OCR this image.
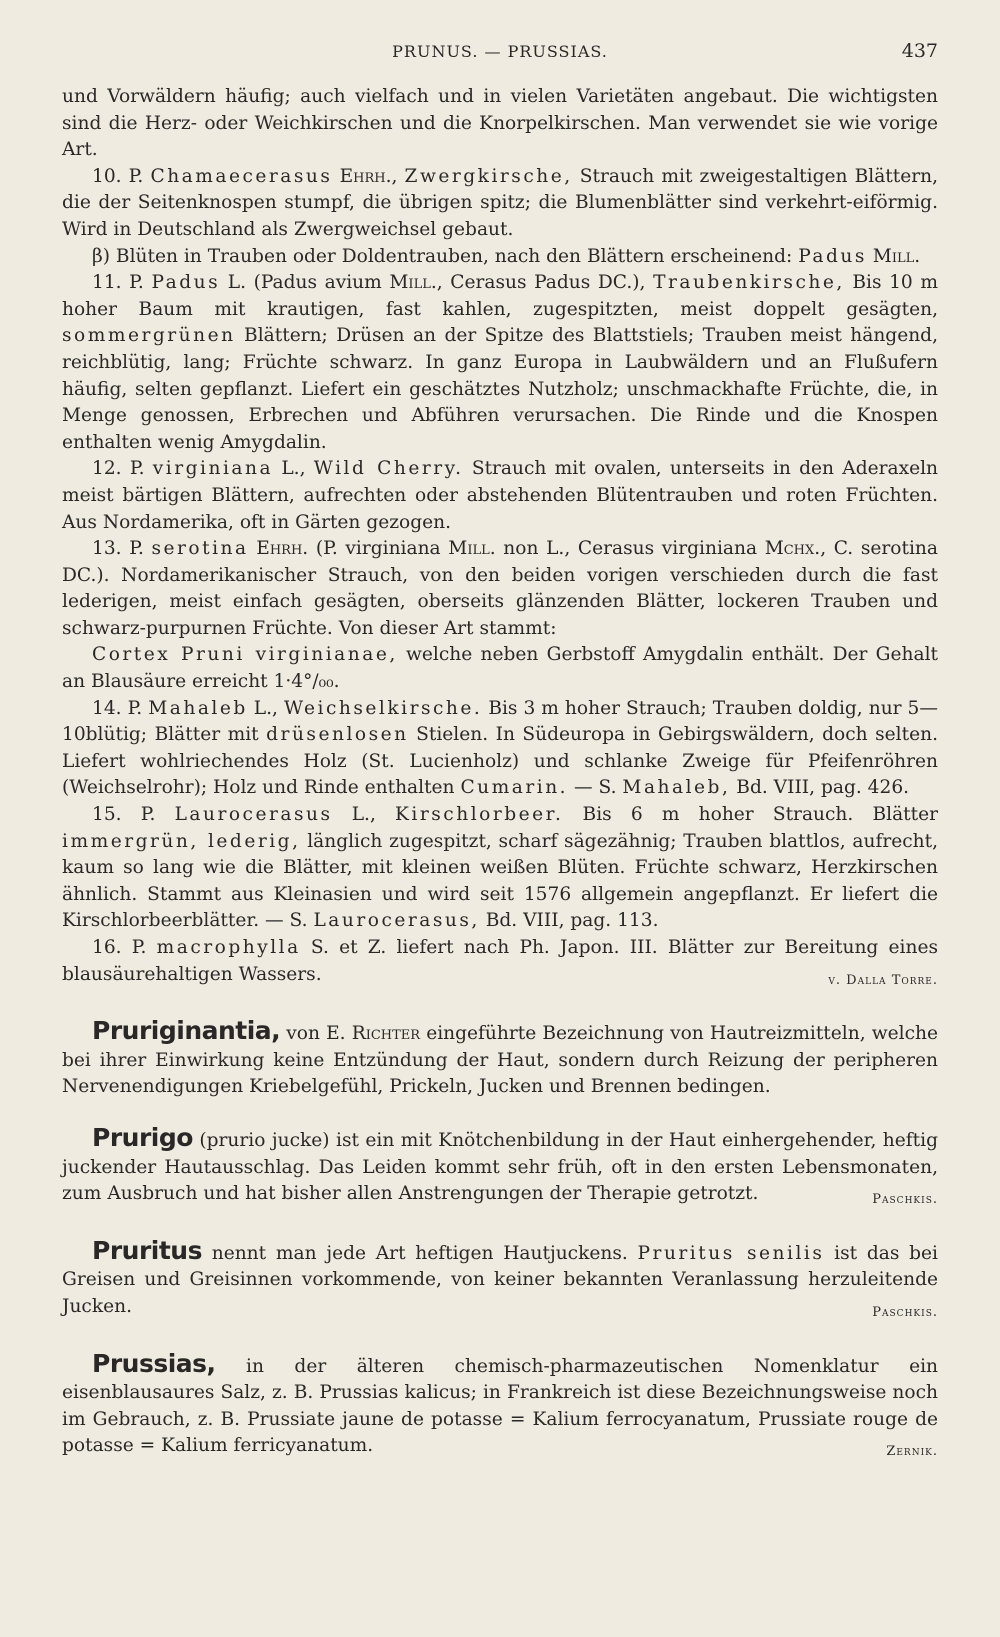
PRUNUS. — PRUSSIAS.	437

und Vorwäldern häufig; auch vielfach und in vielen Varietäten angebaut. Die wichtigsten sind die Herz- oder Weichkirschen und die Knorpelkirschen. Man verwendet sie wie vorige Art.

10. P. Chamaecerasus Ehrh., Zwergkirsche, Strauch mit zweigestaltigen Blättern, die der Seitenknospen stumpf, die übrigen spitz; die Blumenblätter sind verkehrt-eiförmig. Wird in Deutschland als Zwergweichsel gebaut.

β) Blüten in Trauben oder Doldentrauben, nach den Blättern erscheinend: Padus Mill.

11. P. Padus L. (Padus avium Mill., Cerasus Padus DC.), Traubenkirsche, Bis 10 m hoher Baum mit krautigen, fast kahlen, zugespitzten, meist doppelt gesägten, sommergrünen Blättern; Drüsen an der Spitze des Blattstiels; Trauben meist hängend, reichblütig, lang; Früchte schwarz. In ganz Europa in Laubwäldern und an Flußufern häufig, selten gepflanzt. Liefert ein geschätztes Nutzholz; unschmackhafte Früchte, die, in Menge genossen, Erbrechen und Abführen verursachen. Die Rinde und die Knospen enthalten wenig Amygdalin.

12. P. virginiana L., Wild Cherry. Strauch mit ovalen, unterseits in den Aderaxeln meist bärtigen Blättern, aufrechten oder abstehenden Blütentrauben und roten Früchten. Aus Nordamerika, oft in Gärten gezogen.

13. P. serotina Ehrh. (P. virginiana Mill. non L., Cerasus virginiana Mchx., C. serotina DC.). Nordamerikanischer Strauch, von den beiden vorigen verschieden durch die fast lederigen, meist einfach gesägten, oberseits glänzenden Blätter, lockeren Trauben und schwarz-purpurnen Früchte. Von dieser Art stammt:

Cortex Pruni virginianae, welche neben Gerbstoff Amygdalin enthält. Der Gehalt an Blausäure erreicht 1·4°/₀₀.

14. P. Mahaleb L., Weichselkirsche. Bis 3 m hoher Strauch; Trauben doldig, nur 5—10blütig; Blätter mit drüsenlosen Stielen. In Südeuropa in Gebirgswäldern, doch selten. Liefert wohlriechendes Holz (St. Lucienholz) und schlanke Zweige für Pfeifenröhren (Weichselrohr); Holz und Rinde enthalten Cumarin. — S. Mahaleb, Bd. VIII, pag. 426.

15. P. Laurocerasus L., Kirschlorbeer. Bis 6 m hoher Strauch. Blätter immergrün, lederig, länglich zugespitzt, scharf sägezähnig; Trauben blattlos, aufrecht, kaum so lang wie die Blätter, mit kleinen weißen Blüten. Früchte schwarz, Herzkirschen ähnlich. Stammt aus Kleinasien und wird seit 1576 allgemein angepflanzt. Er liefert die Kirschlorbeerblätter. — S. Laurocerasus, Bd. VIII, pag. 113.

16. P. macrophylla S. et Z. liefert nach Ph. Japon. III. Blätter zur Bereitung eines blausäurehaltigen Wassers.	v. Dalla Torre.

Pruriginantia, von E. Richter eingeführte Bezeichnung von Hautreizmitteln, welche bei ihrer Einwirkung keine Entzündung der Haut, sondern durch Reizung der peripheren Nervenendigungen Kriebelgefühl, Prickeln, Jucken und Brennen bedingen.

Prurigo (prurio jucke) ist ein mit Knötchenbildung in der Haut einhergehender, heftig juckender Hautausschlag. Das Leiden kommt sehr früh, oft in den ersten Lebensmonaten, zum Ausbruch und hat bisher allen Anstrengungen der Therapie getrotzt.	Paschkis.

Pruritus nennt man jede Art heftigen Hautjuckens. Pruritus senilis ist das bei Greisen und Greisinnen vorkommende, von keiner bekannten Veranlassung herzuleitende Jucken.	Paschkis.

Prussias, in der älteren chemisch-pharmazeutischen Nomenklatur ein eisenblausaures Salz, z. B. Prussias kalicus; in Frankreich ist diese Bezeichnungsweise noch im Gebrauch, z. B. Prussiate jaune de potasse = Kalium ferrocyanatum, Prussiate rouge de potasse = Kalium ferricyanatum.	Zernik.
